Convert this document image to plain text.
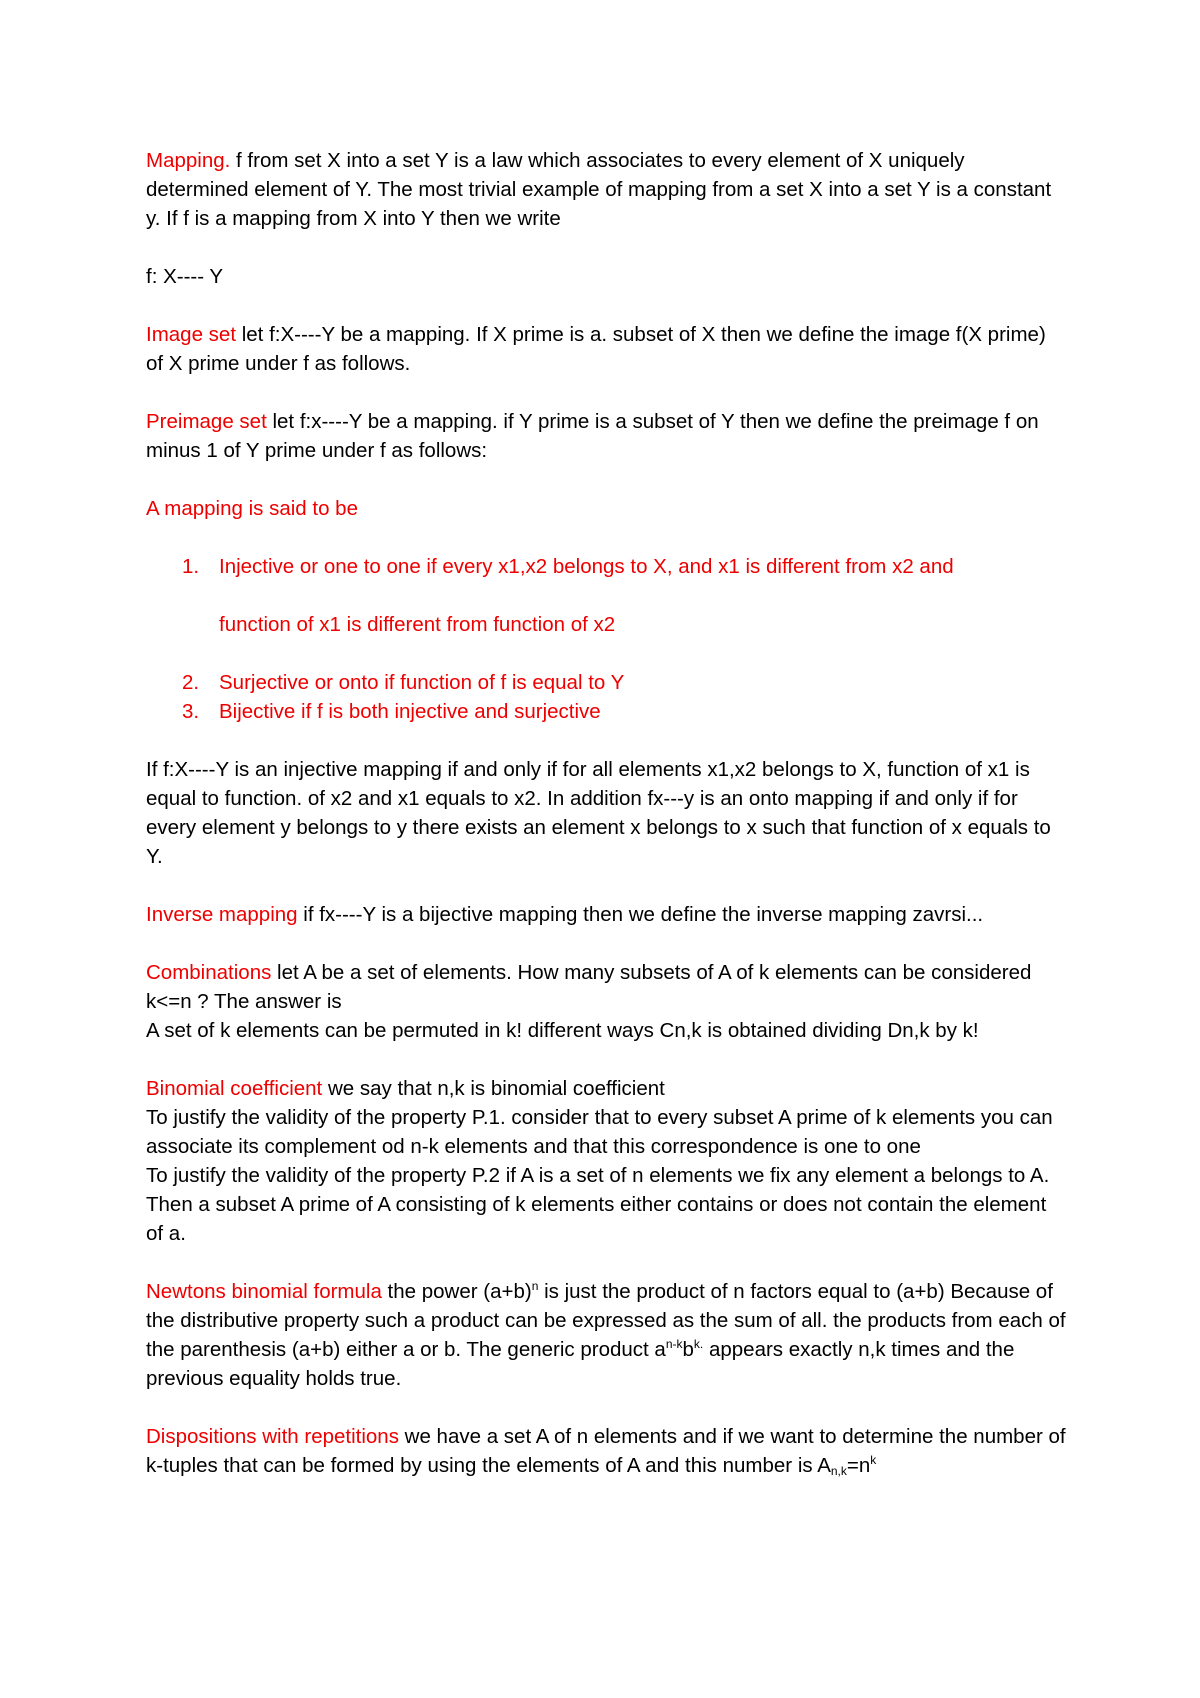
Mapping. f from set X into a set Y is a law which associates to every element of X uniquely determined element of Y. The most trivial example of mapping from a set X into a set Y is a constant y. If f is a mapping from X into Y then we write

f: X---- Y

Image set let f:X----Y be a mapping. If X prime is a. subset of X then we define the image f(X prime) of X prime under f as follows.

Preimage set let f:x----Y be a mapping. if Y prime is a subset of Y then we define the preimage f on minus 1 of Y prime under f as follows:

A mapping is said to be

1. Injective or one to one if every x1,x2 belongs to X, and x1 is different from x2 and
function of x1 is different from function of x2
2. Surjective or onto if function of f is equal to Y
3. Bijective if f is both injective and surjective

If f:X----Y is an injective mapping if and only if for all elements x1,x2 belongs to X, function of x1 is equal to function. of x2 and x1 equals to x2. In addition fx---y is an onto mapping if and only if for every element y belongs to y there exists an element x belongs to x such that function of x equals to Y.

Inverse mapping if fx----Y is a bijective mapping then we define the inverse mapping zavrsi...

Combinations let A be a set of elements. How many subsets of A of k elements can be considered k<=n ? The answer is

A set of k elements can be permuted in k! different ways Cn,k is obtained dividing Dn,k by k!

Binomial coefficient we say that n,k is binomial coefficient

To justify the validity of the property P.1. consider that to every subset A prime of k elements you can associate its complement od n-k elements and that this correspondence is one to one

To justify the validity of the property P.2 if A is a set of n elements we fix any element a belongs to A. Then a subset A prime of A consisting of k elements either contains or does not contain the element of a.

Newtons binomial formula the power $(a+b)^n$ is just the product of n factors equal to (a+b) Because of the distributive property such a product can be expressed as the sum of all. the products from each of the parenthesis (a+b) either a or b. The generic product $a^{n-k}b^{k.}$ appears exactly n,k times and the previous equality holds true.

Dispositions with repetitions we have a set A of n elements and if we want to determine the number of k-tuples that can be formed by using the elements of A and this number is $A_{n,k}=n^k$
